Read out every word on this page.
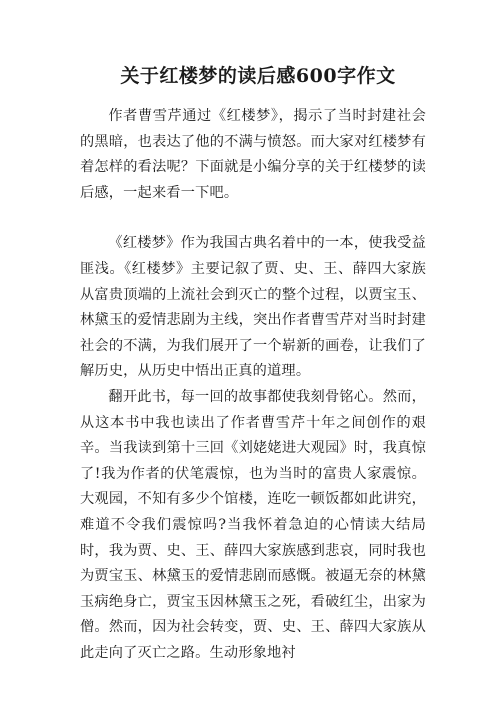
关于红楼梦的读后感600字作文

作者曹雪芹通过《红楼梦》，揭示了当时封建社会的黑暗，也表达了他的不满与愤怒。而大家对红楼梦有着怎样的看法呢？下面就是小编分享的关于红楼梦的读后感，一起来看一下吧。

《红楼梦》作为我国古典名着中的一本，使我受益匪浅。《红楼梦》主要记叙了贾、史、王、薛四大家族从富贵顶端的上流社会到灭亡的整个过程，以贾宝玉、林黛玉的爱情悲剧为主线，突出作者曹雪芹对当时封建社会的不满，为我们展开了一个崭新的画卷，让我们了解历史，从历史中悟出正真的道理。

翻开此书，每一回的故事都使我刻骨铭心。然而，从这本书中我也读出了作者曹雪芹十年之间创作的艰辛。当我读到第十三回《刘姥姥进大观园》时，我真惊了!我为作者的伏笔震惊，也为当时的富贵人家震惊。大观园，不知有多少个馆楼，连吃一顿饭都如此讲究，难道不令我们震惊吗?当我怀着急迫的心情读大结局时，我为贾、史、王、薛四大家族感到悲哀，同时我也为贾宝玉、林黛玉的爱情悲剧而感慨。被逼无奈的林黛玉病绝身亡，贾宝玉因林黛玉之死，看破红尘，出家为僧。然而，因为社会转变，贾、史、王、薛四大家族从此走向了灭亡之路。生动形象地衬
